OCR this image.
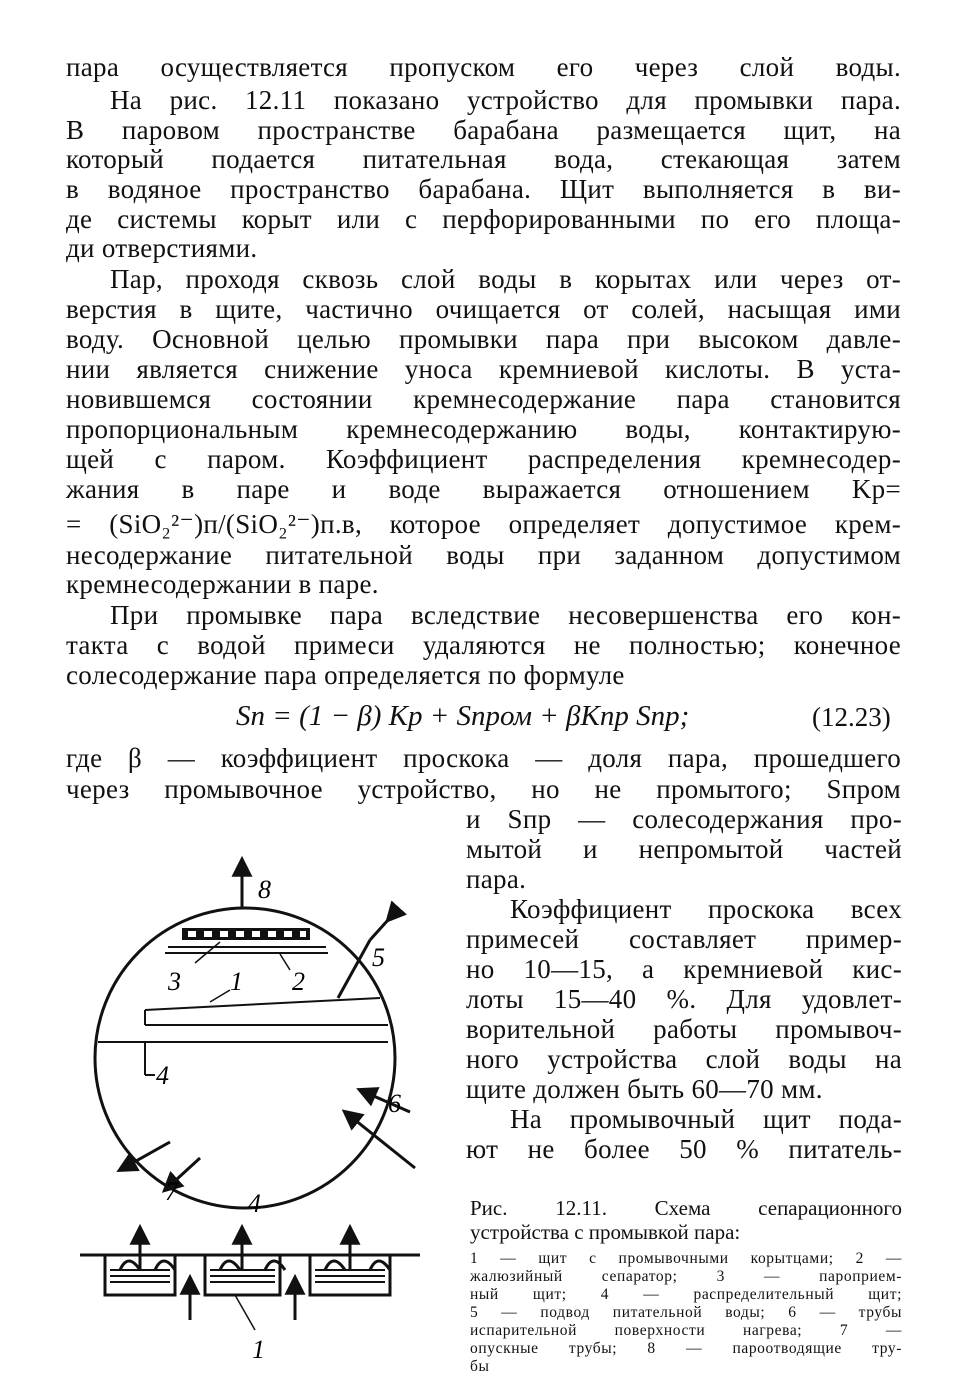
пара осуществляется пропуском его через слой воды.
На рис. 12.11 показано устройство для промывки пара.
В паровом пространстве барабана размещается щит, на
который подается питательная вода, стекающая затем
в водяное пространство барабана. Щит выполняется в ви-
де системы корыт или с перфорированными по его площа-
ди отверстиями.
Пар, проходя сквозь слой воды в корытах или через от-
верстия в щите, частично очищается от солей, насыщая ими
воду. Основной целью промывки пара при высоком давле-
нии является снижение уноса кремниевой кислоты. В уста-
новившемся состоянии кремнесодержание пара становится
пропорциональным кремнесодержанию воды, контактирую-
щей с паром. Коэффициент распределения кремнесодер-
жания в паре и воде выражается отношением Kр=
= (SiO₂²⁻)п/(SiO₂²⁻)п.в, которое определяет допустимое крем-
несодержание питательной воды при заданном допустимом
кремнесодержании в паре.
При промывке пара вследствие несовершенства его кон-
такта с водой примеси удаляются не полностью; конечное
солесодержание пара определяется по формуле
Sп = (1 − β) Kр + Sпром + βKпр Sпр;	(12.23)
где β — коэффициент проскока — доля пара, прошедшего
через промывочное устройство, но не промытого; Sпром
и Sпр — солесодержания про-
мытой и непромытой частей
пара.
Коэффициент проскока всех
примесей составляет пример-
но 10—15, а кремниевой кис-
лоты 15—40 %. Для удовлет-
ворительной работы промывоч-
ного устройства слой воды на
щите должен быть 60—70 мм.
На промывочный щит пода-
ют не более 50 % питатель-
Рис. 12.11. Схема сепарационного
устройства с промывкой пара:
1 — щит с промывочными корытцами; 2 —
жалюзийный сепаратор; 3 — пароприем-
ный щит; 4 — распределительный щит;
5 — подвод питательной воды; 6 — трубы
испарительной поверхности нагрева; 7 —
опускные трубы; 8 — пароотводящие тру-
бы
8
3	2
5
1
4
6
7	4
1
